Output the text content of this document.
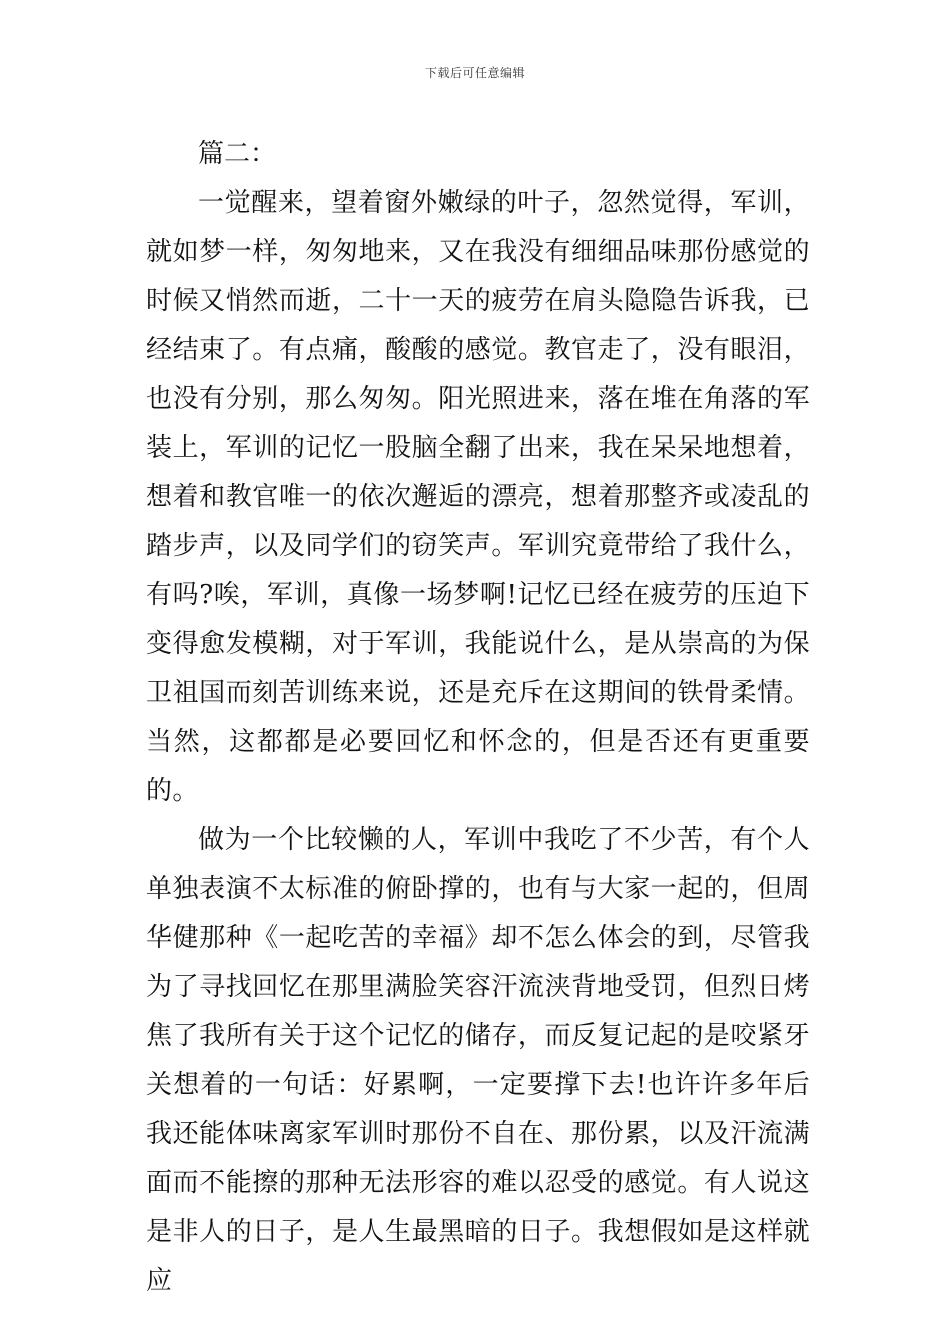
下载后可任意编辑

篇二：

一觉醒来，望着窗外嫩绿的叶子，忽然觉得，军训，就如梦一样，匆匆地来，又在我没有细细品味那份感觉的时候又悄然而逝，二十一天的疲劳在肩头隐隐告诉我，已经结束了。有点痛，酸酸的感觉。教官走了，没有眼泪，也没有分别，那么匆匆。阳光照进来，落在堆在角落的军装上，军训的记忆一股脑全翻了出来，我在呆呆地想着，想着和教官唯一的依次邂逅的漂亮，想着那整齐或凌乱的踏步声，以及同学们的窃笑声。军训究竟带给了我什么，有吗?唉，军训，真像一场梦啊!记忆已经在疲劳的压迫下变得愈发模糊，对于军训，我能说什么，是从崇高的为保卫祖国而刻苦训练来说，还是充斥在这期间的铁骨柔情。当然，这都都是必要回忆和怀念的，但是否还有更重要的。

做为一个比较懒的人，军训中我吃了不少苦，有个人单独表演不太标准的俯卧撑的，也有与大家一起的，但周华健那种《一起吃苦的幸福》却不怎么体会的到，尽管我为了寻找回忆在那里满脸笑容汗流浃背地受罚，但烈日烤焦了我所有关于这个记忆的储存，而反复记起的是咬紧牙关想着的一句话：好累啊，一定要撑下去!也许许多年后我还能体味离家军训时那份不自在、那份累，以及汗流满面而不能擦的那种无法形容的难以忍受的感觉。有人说这是非人的日子，是人生最黑暗的日子。我想假如是这样就应
